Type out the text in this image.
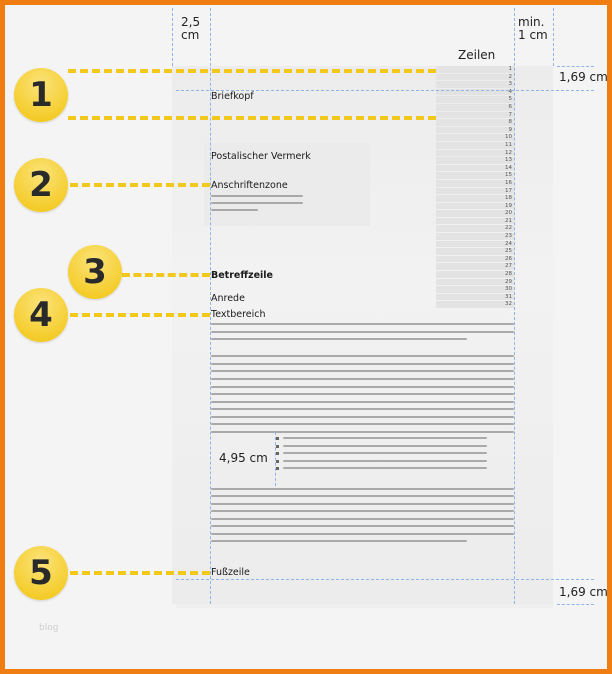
2,5
cm
min.
1 cm
Zeilen
1,69 cm
1,69 cm
1
2
3
4
5
6
7
8
9
10
11
12
13
14
15
16
17
18
19
20
21
22
23
24
25
26
27
28
29
30
31
32
Briefkopf
Postalischer Vermerk
Anschriftenzone
Betreffzeile
Anrede
Textbereich
Fußzeile
4,95 cm
1
2
3
4
5
blog
